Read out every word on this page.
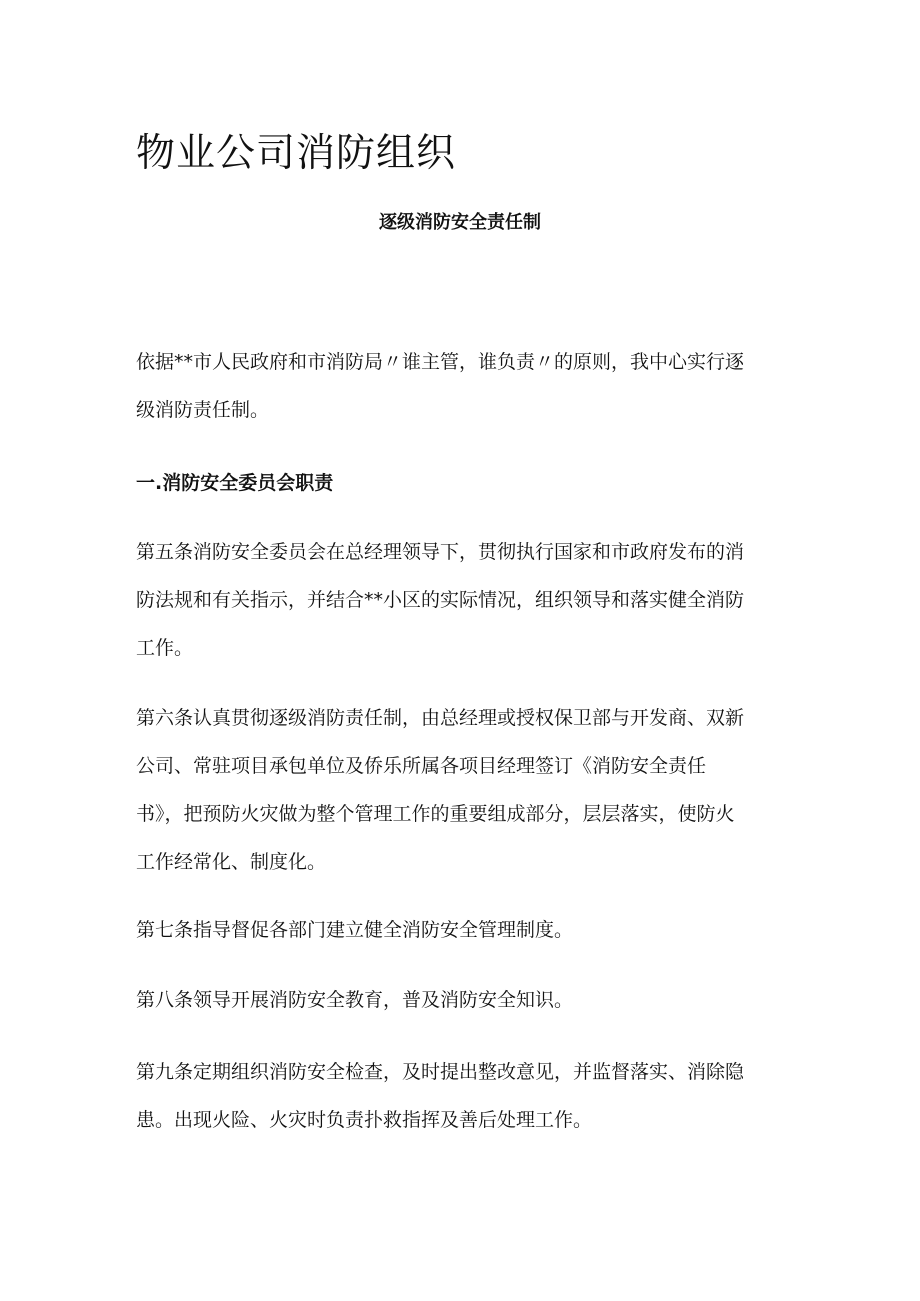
物业公司消防组织
逐级消防安全责任制

依据**市人民政府和市消防局〃谁主管，谁负责〃的原则，我中心实行逐
级消防责任制。

一.消防安全委员会职责

第五条消防安全委员会在总经理领导下，贯彻执行国家和市政府发布的消
防法规和有关指示，并结合**小区的实际情况，组织领导和落实健全消防
工作。

第六条认真贯彻逐级消防责任制，由总经理或授权保卫部与开发商、双新
公司、常驻项目承包单位及侨乐所属各项目经理签订《消防安全责任
书》，把预防火灾做为整个管理工作的重要组成部分，层层落实，使防火
工作经常化、制度化。

第七条指导督促各部门建立健全消防安全管理制度。

第八条领导开展消防安全教育，普及消防安全知识。

第九条定期组织消防安全检查，及时提出整改意见，并监督落实、消除隐
患。出现火险、火灾时负责扑救指挥及善后处理工作。
